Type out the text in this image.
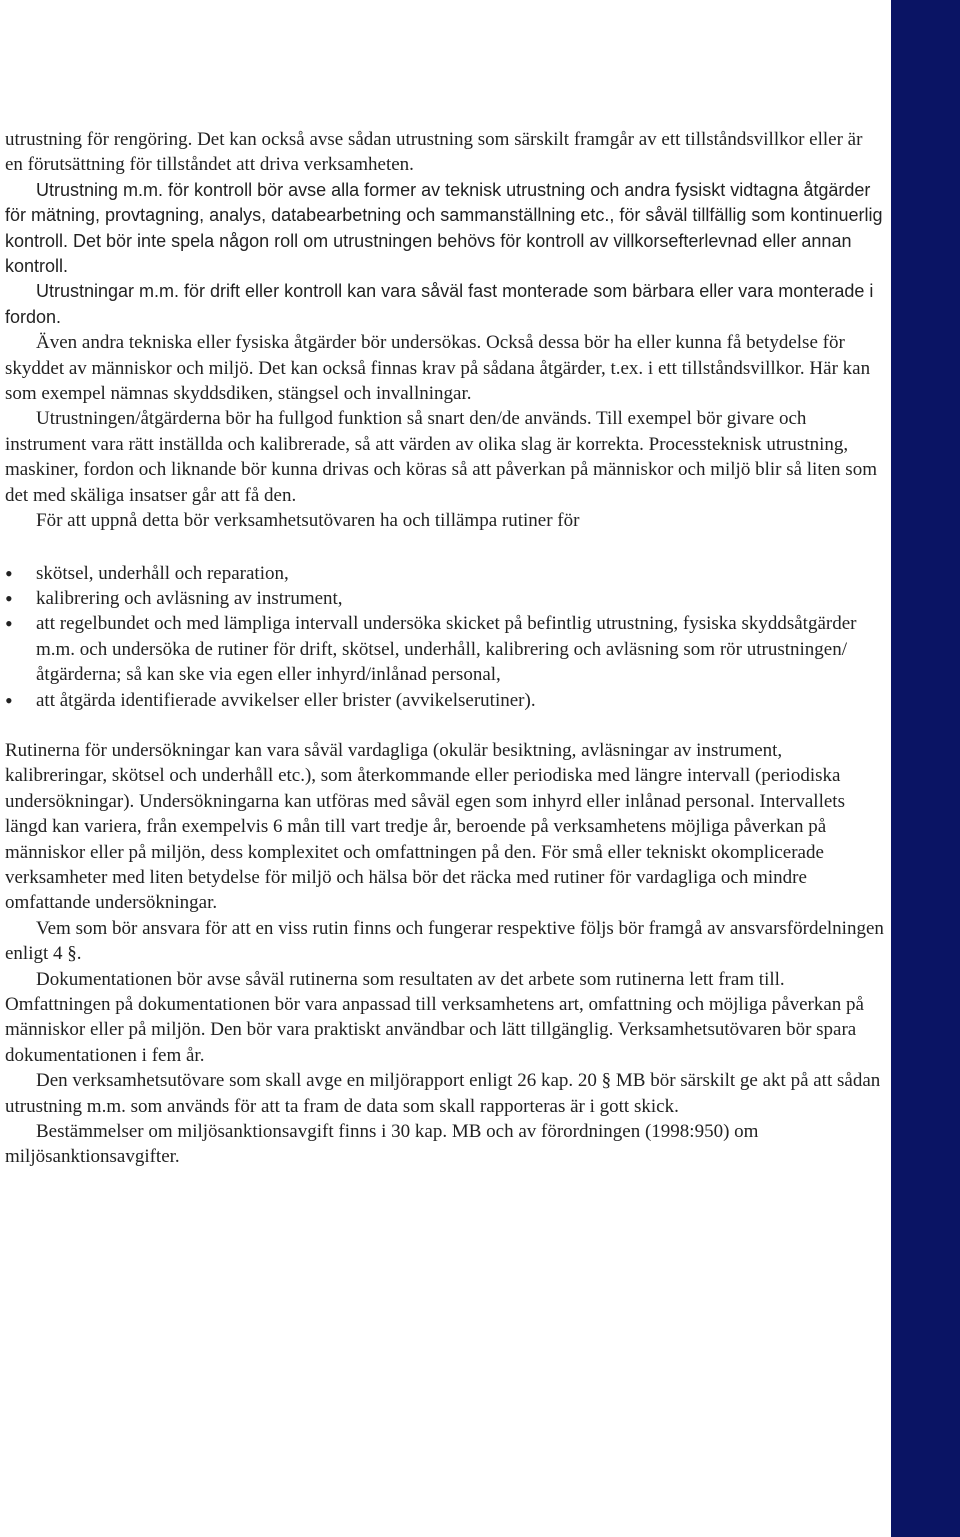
utrustning för rengöring. Det kan också avse sådan utrustning som särskilt framgår av ett tillståndsvillkor eller är en förutsättning för tillståndet att driva verksamheten.
Utrustning m.m. för kontroll bör avse alla former av teknisk utrustning och andra fysiskt vidtagna åtgärder för mätning, provtagning, analys, databearbetning och sammanställning etc., för såväl tillfällig som kontinuerlig kontroll. Det bör inte spela någon roll om utrustningen behövs för kontroll av villkorsefterlevnad eller annan kontroll.
Utrustningar m.m. för drift eller kontroll kan vara såväl fast monterade som bärbara eller vara monterade i fordon.
Även andra tekniska eller fysiska åtgärder bör undersökas. Också dessa bör ha eller kunna få betydelse för skyddet av människor och miljö. Det kan också finnas krav på sådana åtgärder, t.ex. i ett tillståndsvillkor. Här kan som exempel nämnas skyddsdiken, stängsel och invallningar.
Utrustningen/åtgärderna bör ha fullgod funktion så snart den/de används. Till exempel bör givare och instrument vara rätt inställda och kalibrerade, så att värden av olika slag är korrekta. Processteknisk utrustning, maskiner, fordon och liknande bör kunna drivas och köras så att påverkan på människor och miljö blir så liten som det med skäliga insatser går att få den.
För att uppnå detta bör verksamhetsutövaren ha och tillämpa rutiner för
• skötsel, underhåll och reparation,
• kalibrering och avläsning av instrument,
• att regelbundet och med lämpliga intervall undersöka skicket på befintlig utrustning, fysiska skyddsåtgärder m.m. och undersöka de rutiner för drift, skötsel, underhåll, kalibrering och avläsning som rör utrustningen/åtgärderna; så kan ske via egen eller inhyrd/inlånad personal,
• att åtgärda identifierade avvikelser eller brister (avvikelserutiner).
Rutinerna för undersökningar kan vara såväl vardagliga (okulär besiktning, avläsningar av instrument, kalibreringar, skötsel och underhåll etc.), som återkommande eller periodiska med längre intervall (periodiska undersökningar). Undersökningarna kan utföras med såväl egen som inhyrd eller inlånad personal. Intervallets längd kan variera, från exempelvis 6 mån till vart tredje år, beroende på verksamhetens möjliga påverkan på människor eller på miljön, dess komplexitet och omfattningen på den. För små eller tekniskt okomplicerade verksamheter med liten betydelse för miljö och hälsa bör det räcka med rutiner för vardagliga och mindre omfattande undersökningar.
Vem som bör ansvara för att en viss rutin finns och fungerar respektive följs bör framgå av ansvarsfördelningen enligt 4 §.
Dokumentationen bör avse såväl rutinerna som resultaten av det arbete som rutinerna lett fram till. Omfattningen på dokumentationen bör vara anpassad till verksamhetens art, omfattning och möjliga påverkan på människor eller på miljön. Den bör vara praktiskt användbar och lätt tillgänglig. Verksamhetsutövaren bör spara dokumentationen i fem år.
Den verksamhetsutövare som skall avge en miljörapport enligt 26 kap. 20 § MB bör särskilt ge akt på att sådan utrustning m.m. som används för att ta fram de data som skall rapporteras är i gott skick.
Bestämmelser om miljösanktionsavgift finns i 30 kap. MB och av förordningen (1998:950) om miljösanktionsavgifter.
